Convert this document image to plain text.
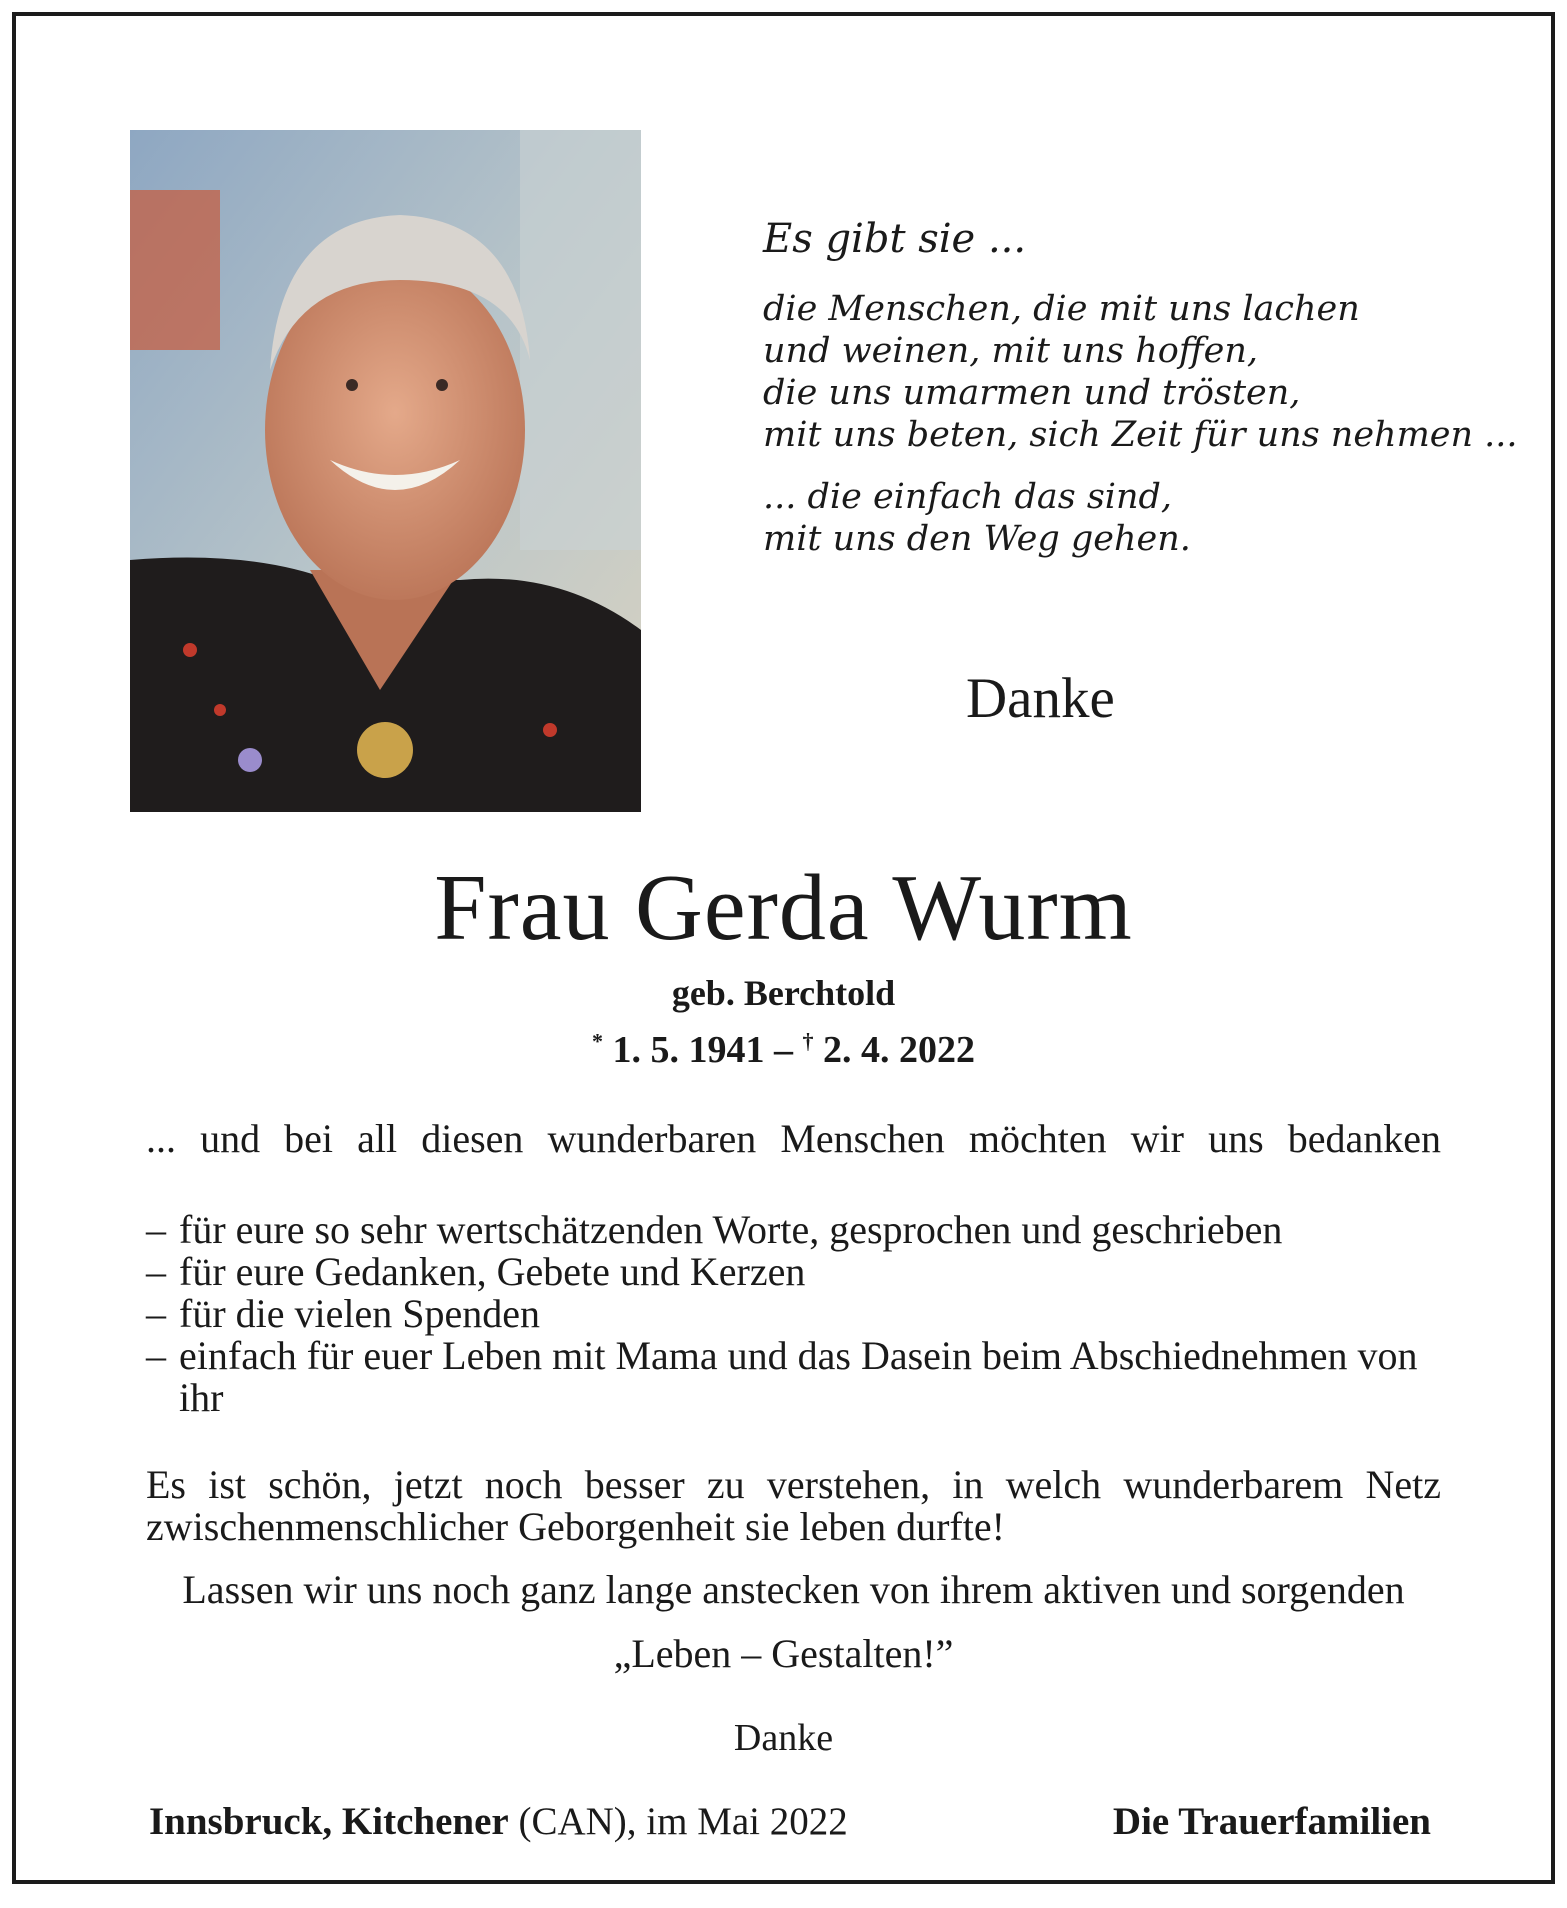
Es gibt sie ...
die Menschen, die mit uns lachen
und weinen, mit uns hoffen,
die uns umarmen und trösten,
mit uns beten, sich Zeit für uns nehmen ...
... die einfach das sind,
mit uns den Weg gehen.
Danke
Frau Gerda Wurm
geb. Berchtold
* 1. 5. 1941 – † 2. 4. 2022
... und bei all diesen wunderbaren Menschen möchten wir uns bedanken
– für eure so sehr wertschätzenden Worte, gesprochen und geschrieben
– für eure Gedanken, Gebete und Kerzen
– für die vielen Spenden
– einfach für euer Leben mit Mama und das Dasein beim Abschiednehmen von ihr
Es ist schön, jetzt noch besser zu verstehen, in welch wunderbarem Netz
zwischenmenschlicher Geborgenheit sie leben durfte!
Lassen wir uns noch ganz lange anstecken von ihrem aktiven und sorgenden
„Leben – Gestalten!”
Danke
Innsbruck, Kitchener (CAN), im Mai 2022	Die Trauerfamilien
